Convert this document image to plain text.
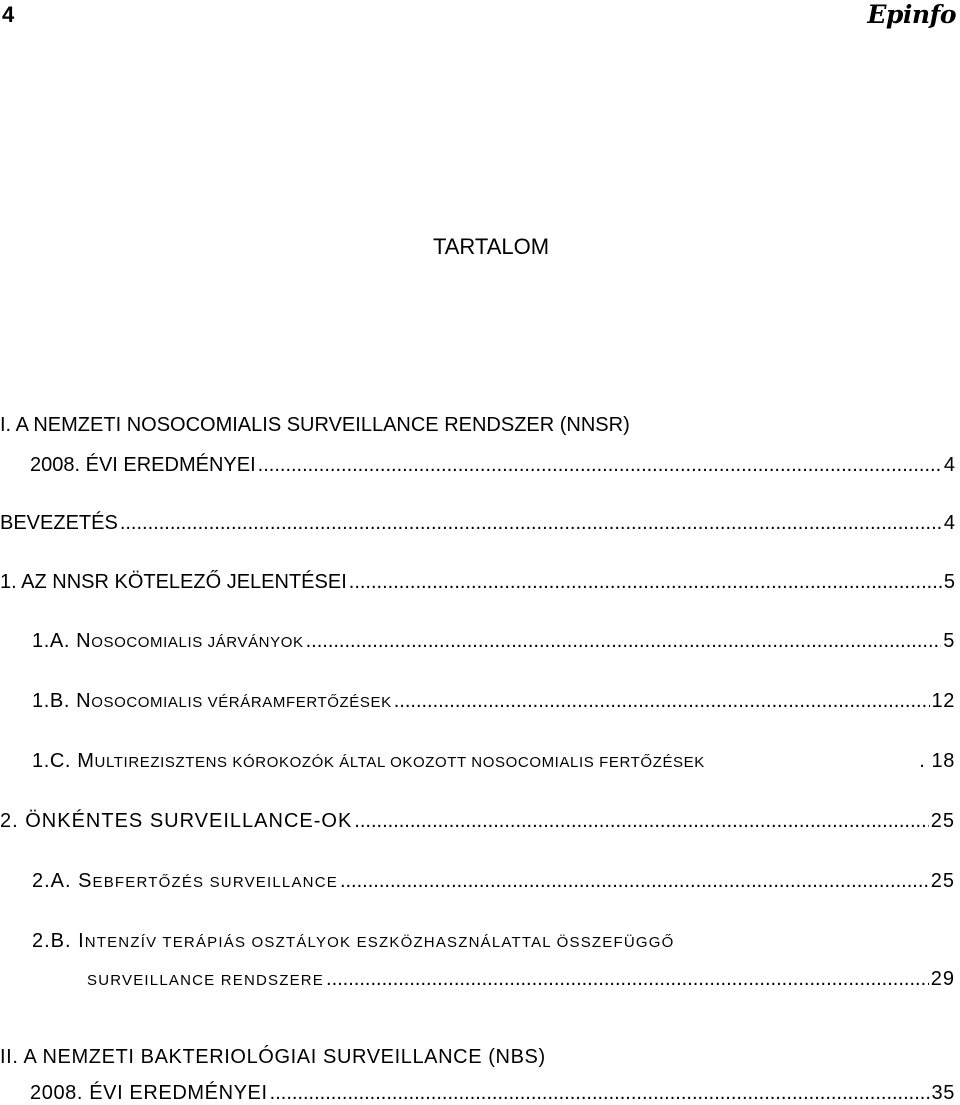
4	Epinfo
TARTALOM
I. A NEMZETI NOSOCOMIALIS SURVEILLANCE RENDSZER (NNSR)
2008. ÉVI EREDMÉNYEI .....	4
BEVEZETÉS .....	4
1. AZ NNSR KÖTELEZŐ JELENTÉSEI .....	5
1.A. NOSOCOMIALIS JÁRVÁNYOK .....	5
1.B. NOSOCOMIALIS VÉRÁRAMFERTŐZÉSEK .....	12
1.C. MULTIREZISZTENS KÓROKOZÓK ÁLTAL OKOZOTT NOSOCOMIALIS FERTŐZÉSEK	. 18
2. ÖNKÉNTES SURVEILLANCE-OK .....	25
2.A. SEBFERTŐZÉS SURVEILLANCE .....	25
2.B. INTENZÍV TERÁPIÁS OSZTÁLYOK ESZKÖZHASZNÁLATTAL ÖSSZEFÜGGŐ
SURVEILLANCE RENDSZERE .....	29
II. A NEMZETI BAKTERIOLÓGIAI SURVEILLANCE (NBS)
2008. ÉVI EREDMÉNYEI .....	35
